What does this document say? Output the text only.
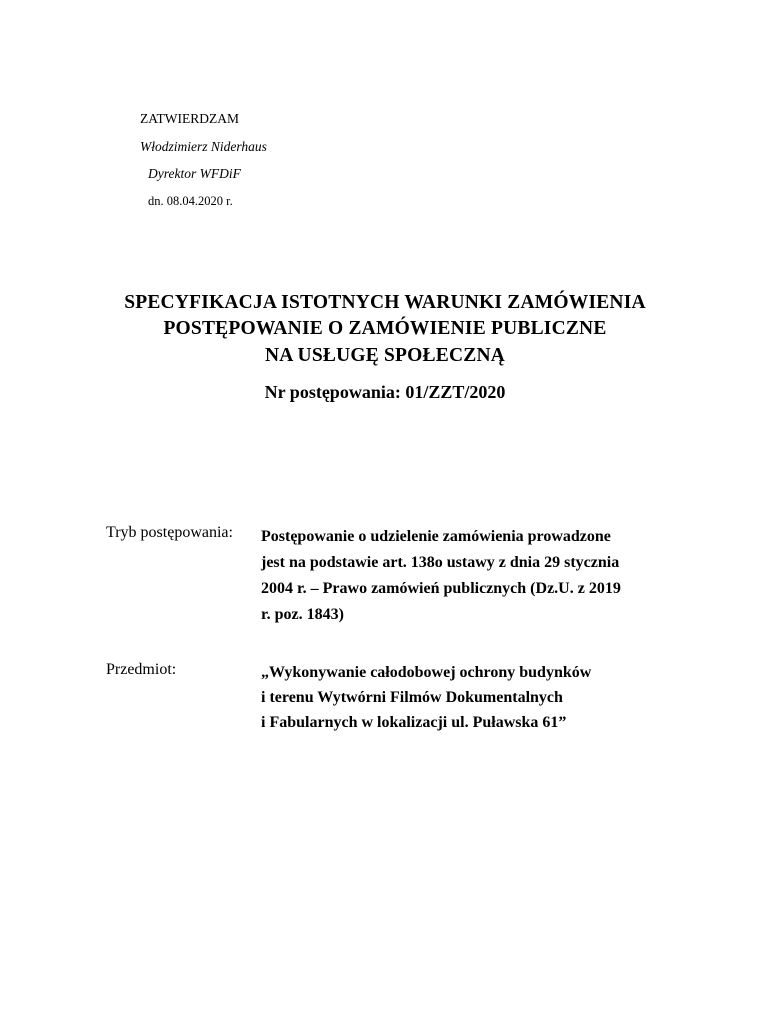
ZATWIERDZAM
Włodzimierz Niderhaus
Dyrektor WFDiF
dn. 08.04.2020 r.
SPECYFIKACJA ISTOTNYCH WARUNKI ZAMÓWIENIA
POSTĘPOWANIE O ZAMÓWIENIE PUBLICZNE
NA USŁUGĘ SPOŁECZNĄ
Nr postępowania: 01/ZZT/2020
Tryb postępowania:	Postępowanie o udzielenie zamówienia prowadzone
jest na podstawie art. 138o ustawy z dnia 29 stycznia
2004 r. – Prawo zamówień publicznych (Dz.U. z 2019
r. poz. 1843)
Przedmiot:	„Wykonywanie całodobowej ochrony budynków
i terenu Wytwórni Filmów Dokumentalnych
i Fabularnych w lokalizacji ul. Puławska 61”
